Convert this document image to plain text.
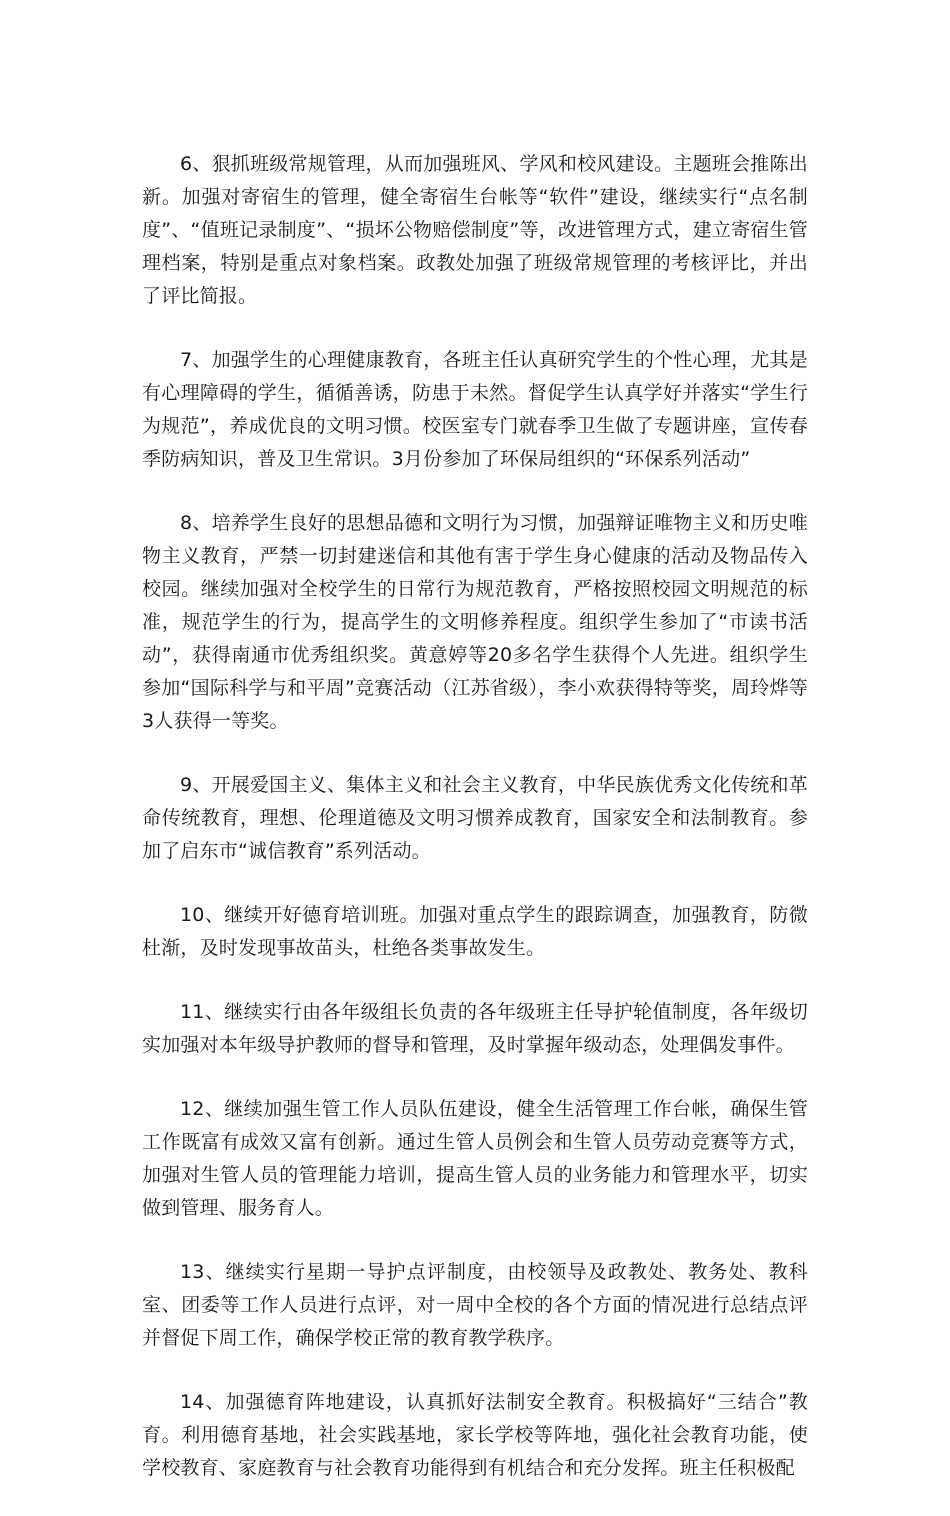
6、狠抓班级常规管理，从而加强班风、学风和校风建设。主题班会推陈出新。加强对寄宿生的管理，健全寄宿生台帐等“软件”建设，继续实行“点名制度”、“值班记录制度”、“损坏公物赔偿制度”等，改进管理方式，建立寄宿生管理档案，特别是重点对象档案。政教处加强了班级常规管理的考核评比，并出了评比简报。

7、加强学生的心理健康教育，各班主任认真研究学生的个性心理，尤其是有心理障碍的学生，循循善诱，防患于未然。督促学生认真学好并落实“学生行为规范”，养成优良的文明习惯。校医室专门就春季卫生做了专题讲座，宣传春季防病知识，普及卫生常识。3月份参加了环保局组织的“环保系列活动”

8、培养学生良好的思想品德和文明行为习惯，加强辩证唯物主义和历史唯物主义教育，严禁一切封建迷信和其他有害于学生身心健康的活动及物品传入校园。继续加强对全校学生的日常行为规范教育，严格按照校园文明规范的标准，规范学生的行为，提高学生的文明修养程度。组织学生参加了“市读书活动”，获得南通市优秀组织奖。黄意婷等20多名学生获得个人先进。组织学生参加“国际科学与和平周”竞赛活动（江苏省级），李小欢获得特等奖，周玲烨等3人获得一等奖。

9、开展爱国主义、集体主义和社会主义教育，中华民族优秀文化传统和革命传统教育，理想、伦理道德及文明习惯养成教育，国家安全和法制教育。参加了启东市“诚信教育”系列活动。

10、继续开好德育培训班。加强对重点学生的跟踪调查，加强教育，防微杜渐，及时发现事故苗头，杜绝各类事故发生。

11、继续实行由各年级组长负责的各年级班主任导护轮值制度，各年级切实加强对本年级导护教师的督导和管理，及时掌握年级动态，处理偶发事件。

12、继续加强生管工作人员队伍建设，健全生活管理工作台帐，确保生管工作既富有成效又富有创新。通过生管人员例会和生管人员劳动竞赛等方式，加强对生管人员的管理能力培训，提高生管人员的业务能力和管理水平，切实做到管理、服务育人。

13、继续实行星期一导护点评制度，由校领导及政教处、教务处、教科室、团委等工作人员进行点评，对一周中全校的各个方面的情况进行总结点评并督促下周工作，确保学校正常的教育教学秩序。

14、加强德育阵地建设，认真抓好法制安全教育。积极搞好“三结合”教育。利用德育基地，社会实践基地，家长学校等阵地，强化社会教育功能，使学校教育、家庭教育与社会教育功能得到有机结合和充分发挥。班主任积极配
